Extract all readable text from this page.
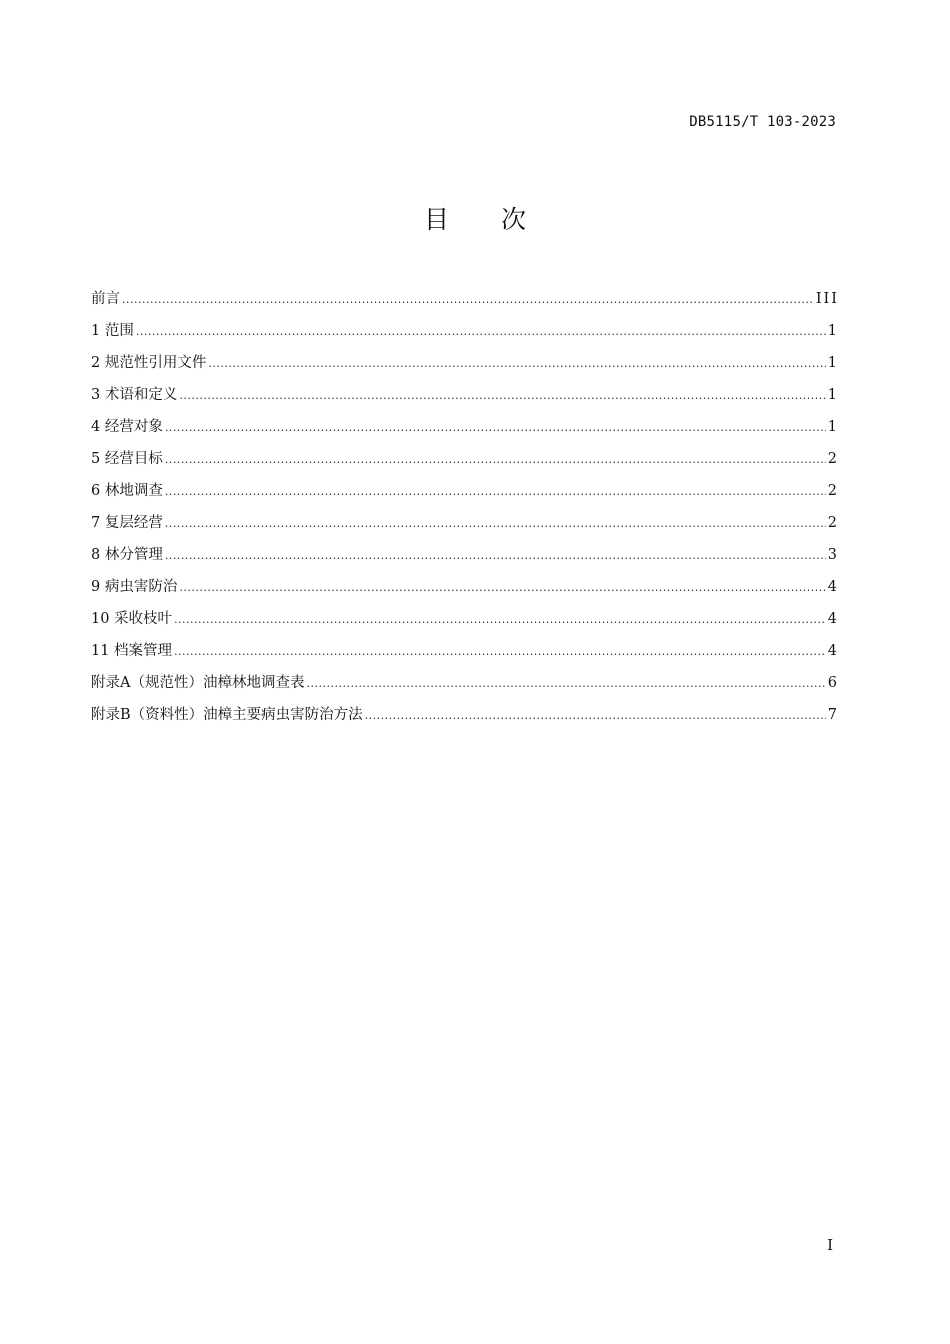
DB5115/T 103-2023
目 次
前言 .....	III
1 范围 .....	1
2 规范性引用文件 .....	1
3 术语和定义 .....	1
4 经营对象 .....	1
5 经营目标 .....	2
6 林地调查 .....	2
7 复层经营 .....	2
8 林分管理 .....	3
9 病虫害防治 .....	4
10 采收枝叶 .....	4
11 档案管理 .....	4
附录A（规范性）油樟林地调查表 .....	6
附录B（资料性）油樟主要病虫害防治方法 .....	7
I
